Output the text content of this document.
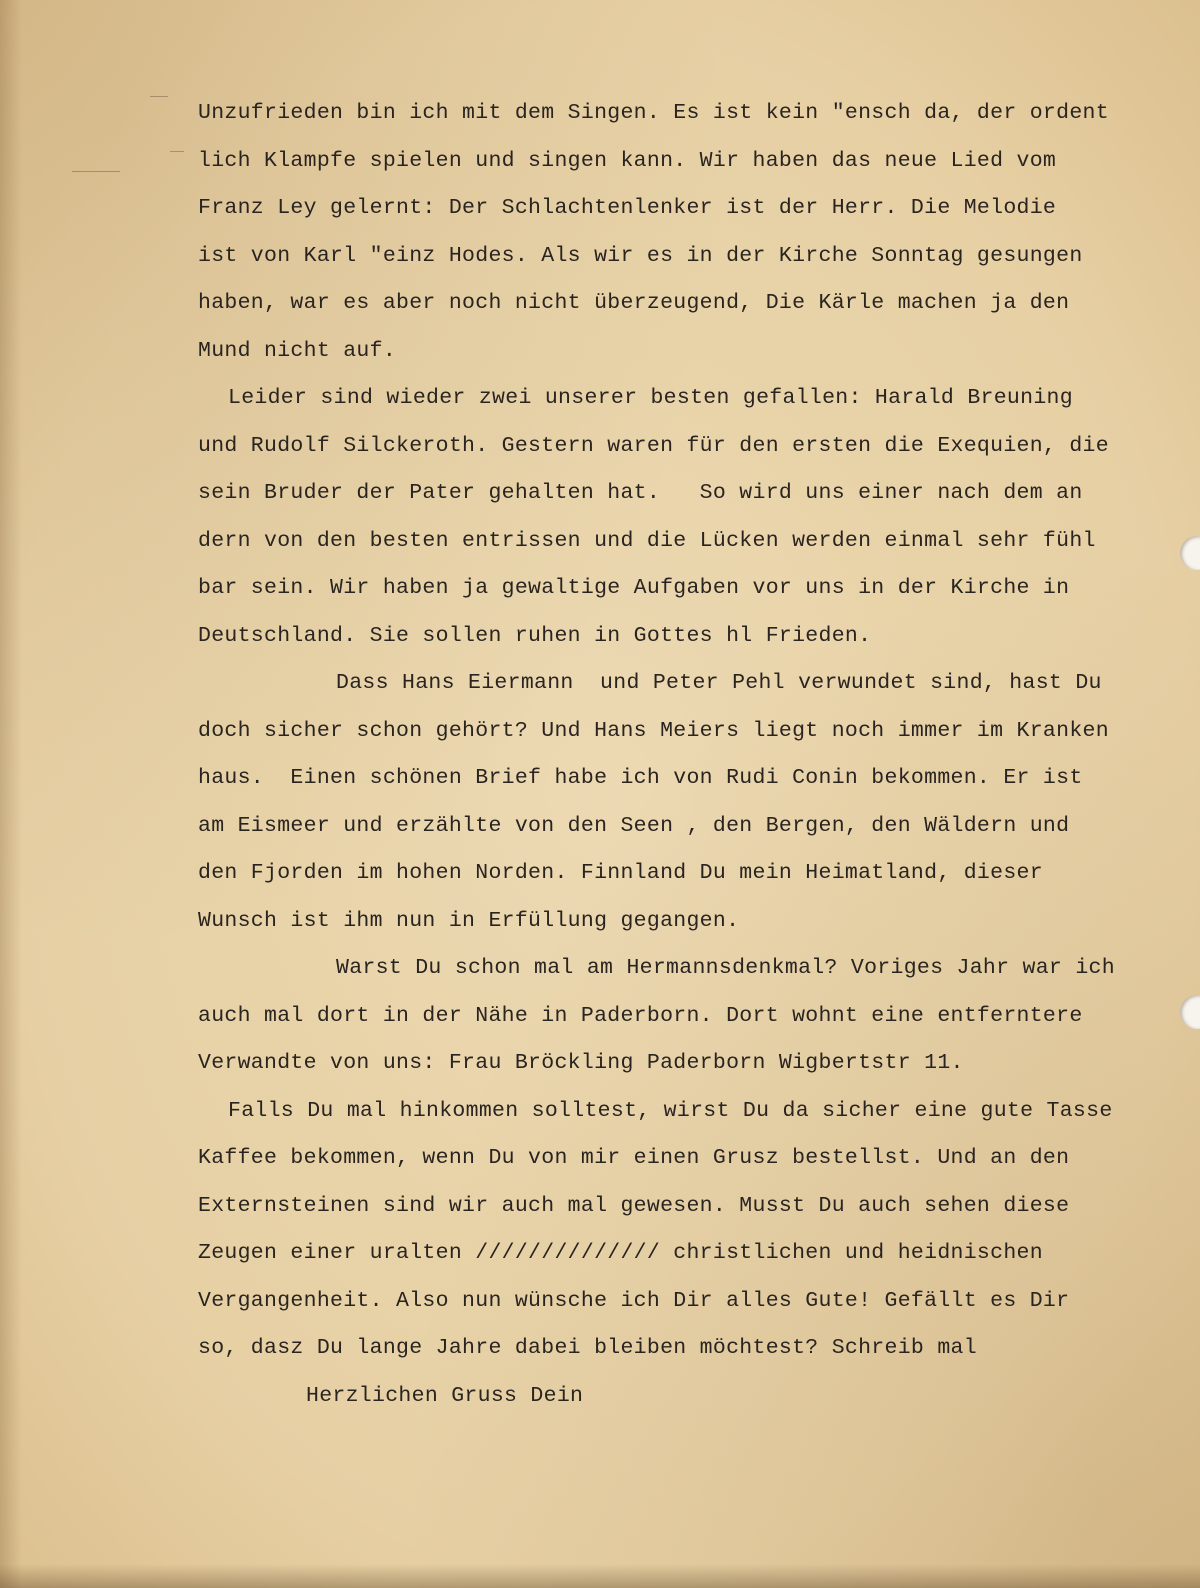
Unzufrieden bin ich mit dem Singen. Es ist kein "ensch da, der ordent
lich Klampfe spielen und singen kann. Wir haben das neue Lied vom
Franz Ley gelernt: Der Schlachtenlenker ist der Herr. Die Melodie
ist von Karl "einz Hodes. Als wir es in der Kirche Sonntag gesungen
haben, war es aber noch nicht überzeugend, Die Kärle machen ja den
Mund nicht auf.
Leider sind wieder zwei unserer besten gefallen: Harald Breuning
und Rudolf Silckeroth. Gestern waren für den ersten die Exequien, die
sein Bruder der Pater gehalten hat.   So wird uns einer nach dem an
dern von den besten entrissen und die Lücken werden einmal sehr fühl
bar sein. Wir haben ja gewaltige Aufgaben vor uns in der Kirche in
Deutschland. Sie sollen ruhen in Gottes hl Frieden.
Dass Hans Eiermann  und Peter Pehl verwundet sind, hast Du
doch sicher schon gehört? Und Hans Meiers liegt noch immer im Kranken
haus.  Einen schönen Brief habe ich von Rudi Conin bekommen. Er ist
am Eismeer und erzählte von den Seen , den Bergen, den Wäldern und
den Fjorden im hohen Norden. Finnland Du mein Heimatland, dieser
Wunsch ist ihm nun in Erfüllung gegangen.
Warst Du schon mal am Hermannsdenkmal? Voriges Jahr war ich
auch mal dort in der Nähe in Paderborn. Dort wohnt eine entferntere
Verwandte von uns: Frau Bröckling Paderborn Wigbertstr 11.
Falls Du mal hinkommen solltest, wirst Du da sicher eine gute Tasse
Kaffee bekommen, wenn Du von mir einen Grusz bestellst. Und an den
Externsteinen sind wir auch mal gewesen. Musst Du auch sehen diese
Zeugen einer uralten ////////////// christlichen und heidnischen
Vergangenheit. Also nun wünsche ich Dir alles Gute! Gefällt es Dir
so, dasz Du lange Jahre dabei bleiben möchtest? Schreib mal
Herzlichen Gruss Dein
